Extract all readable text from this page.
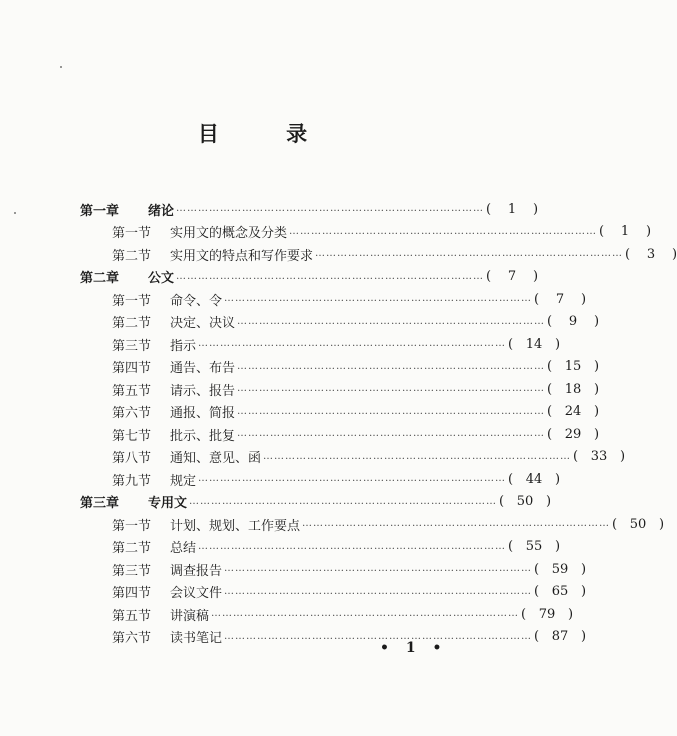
目 录
第一章 绪论 ………………………………………………………………………… (	1	)
第一节 实用文的概念及分类 ………………………………………………………………………… (	1	)
第二节 实用文的特点和写作要求 ………………………………………………………………………… (	3	)
第二章 公文 ………………………………………………………………………… (	7	)
第一节 命令、令 ………………………………………………………………………… (	7	)
第二节 决定、决议 ………………………………………………………………………… (	9	)
第三节 指示 ………………………………………………………………………… ( 14 )
第四节 通告、布告 ………………………………………………………………………… ( 15 )
第五节 请示、报告 ………………………………………………………………………… ( 18 )
第六节 通报、简报 ………………………………………………………………………… ( 24 )
第七节 批示、批复 ………………………………………………………………………… ( 29 )
第八节 通知、意见、函 ………………………………………………………………………… ( 33 )
第九节 规定 ………………………………………………………………………… ( 44 )
第三章 专用文 ………………………………………………………………………… ( 50 )
第一节 计划、规划、工作要点 ………………………………………………………………………… ( 50 )
第二节 总结 ………………………………………………………………………… ( 55 )
第三节 调查报告 ………………………………………………………………………… ( 59 )
第四节 会议文件 ………………………………………………………………………… ( 65 )
第五节 讲演稿 ………………………………………………………………………… ( 79 )
第六节 读书笔记 ………………………………………………………………………… ( 87 )
• 1 •
